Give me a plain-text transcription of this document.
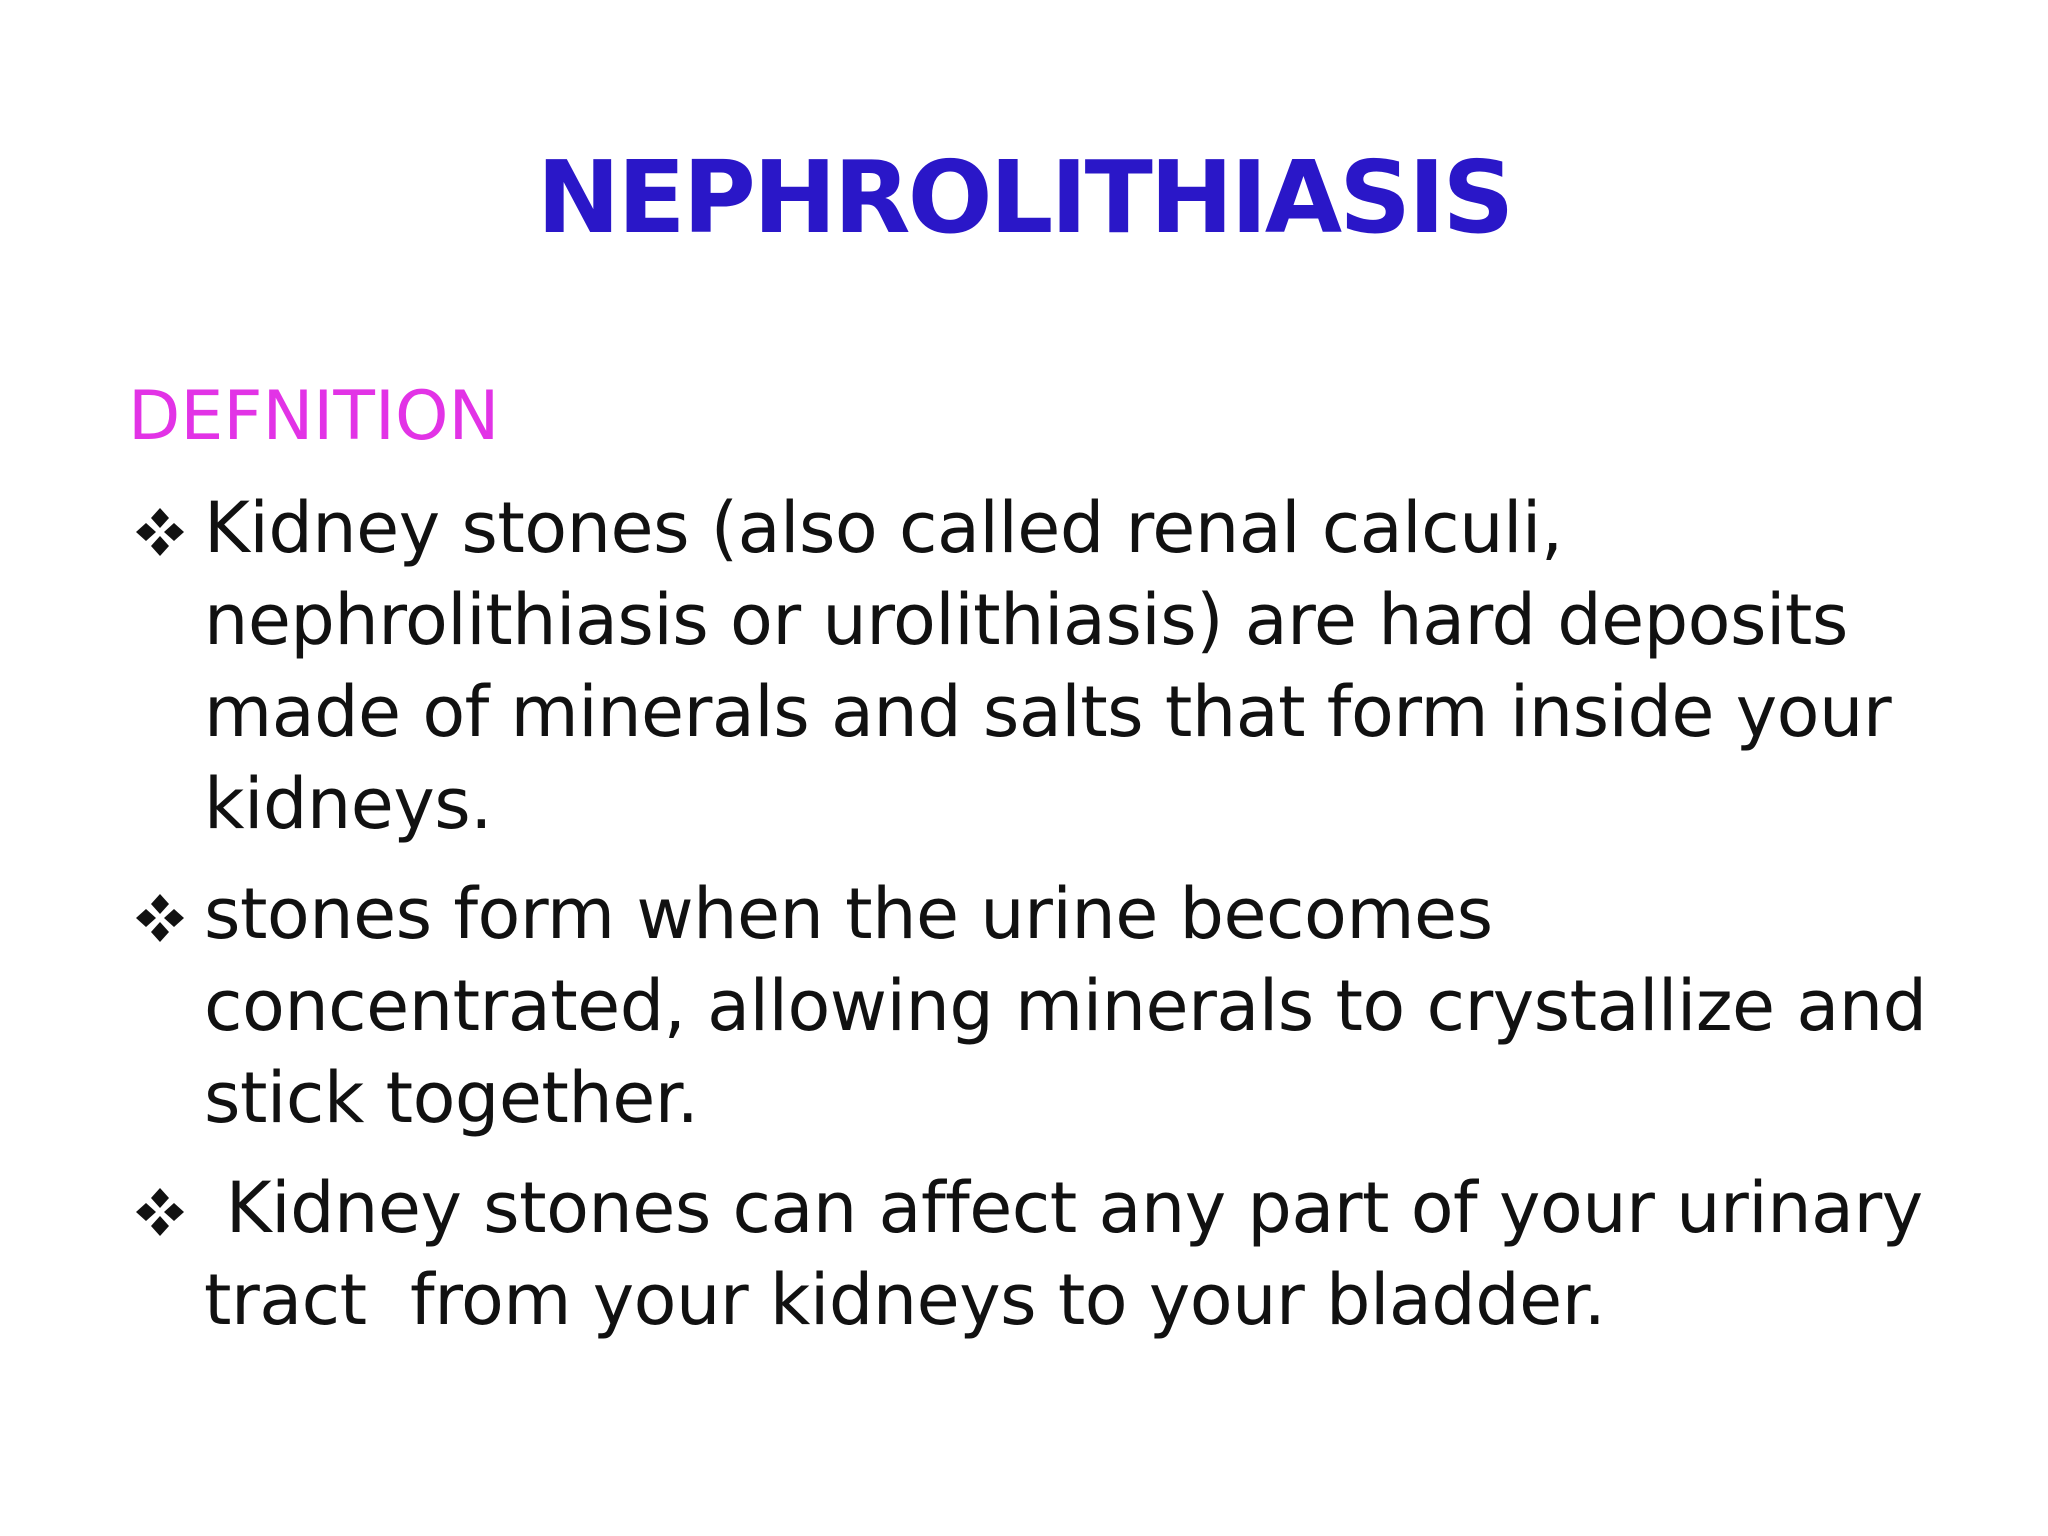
NEPHROLITHIASIS
DEFNITION
Kidney stones (also called renal calculi, nephrolithiasis or urolithiasis) are hard deposits made of minerals and salts that form inside your kidneys.
stones form when the urine becomes concentrated, allowing minerals to crystallize and stick together.
Kidney stones can affect any part of your urinary tract  from your kidneys to your bladder.
